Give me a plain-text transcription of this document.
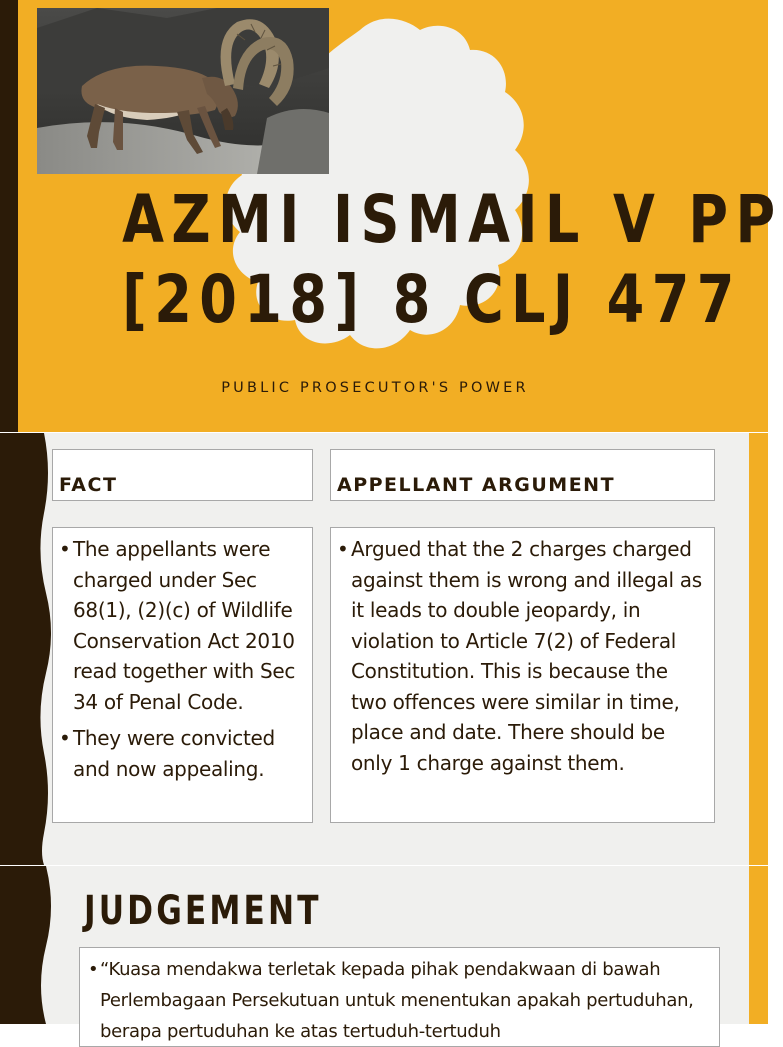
AZMI ISMAIL V PP
[2018] 8 CLJ 477
PUBLIC PROSECUTOR'S POWER
FACT	APPELLANT ARGUMENT
• The appellants were charged under Sec 68(1), (2)(c) of Wildlife Conservation Act 2010 read together with Sec 34 of Penal Code.
• They were convicted and now appealing.
• Argued that the 2 charges charged against them is wrong and illegal as it leads to double jeopardy, in violation to Article 7(2) of Federal Constitution. This is because the two offences were similar in time, place and date. There should be only 1 charge against them.
JUDGEMENT
• “Kuasa mendakwa terletak kepada pihak pendakwaan di bawah Perlembagaan Persekutuan untuk menentukan apakah pertuduhan, berapa pertuduhan ke atas tertuduh-tertuduh
